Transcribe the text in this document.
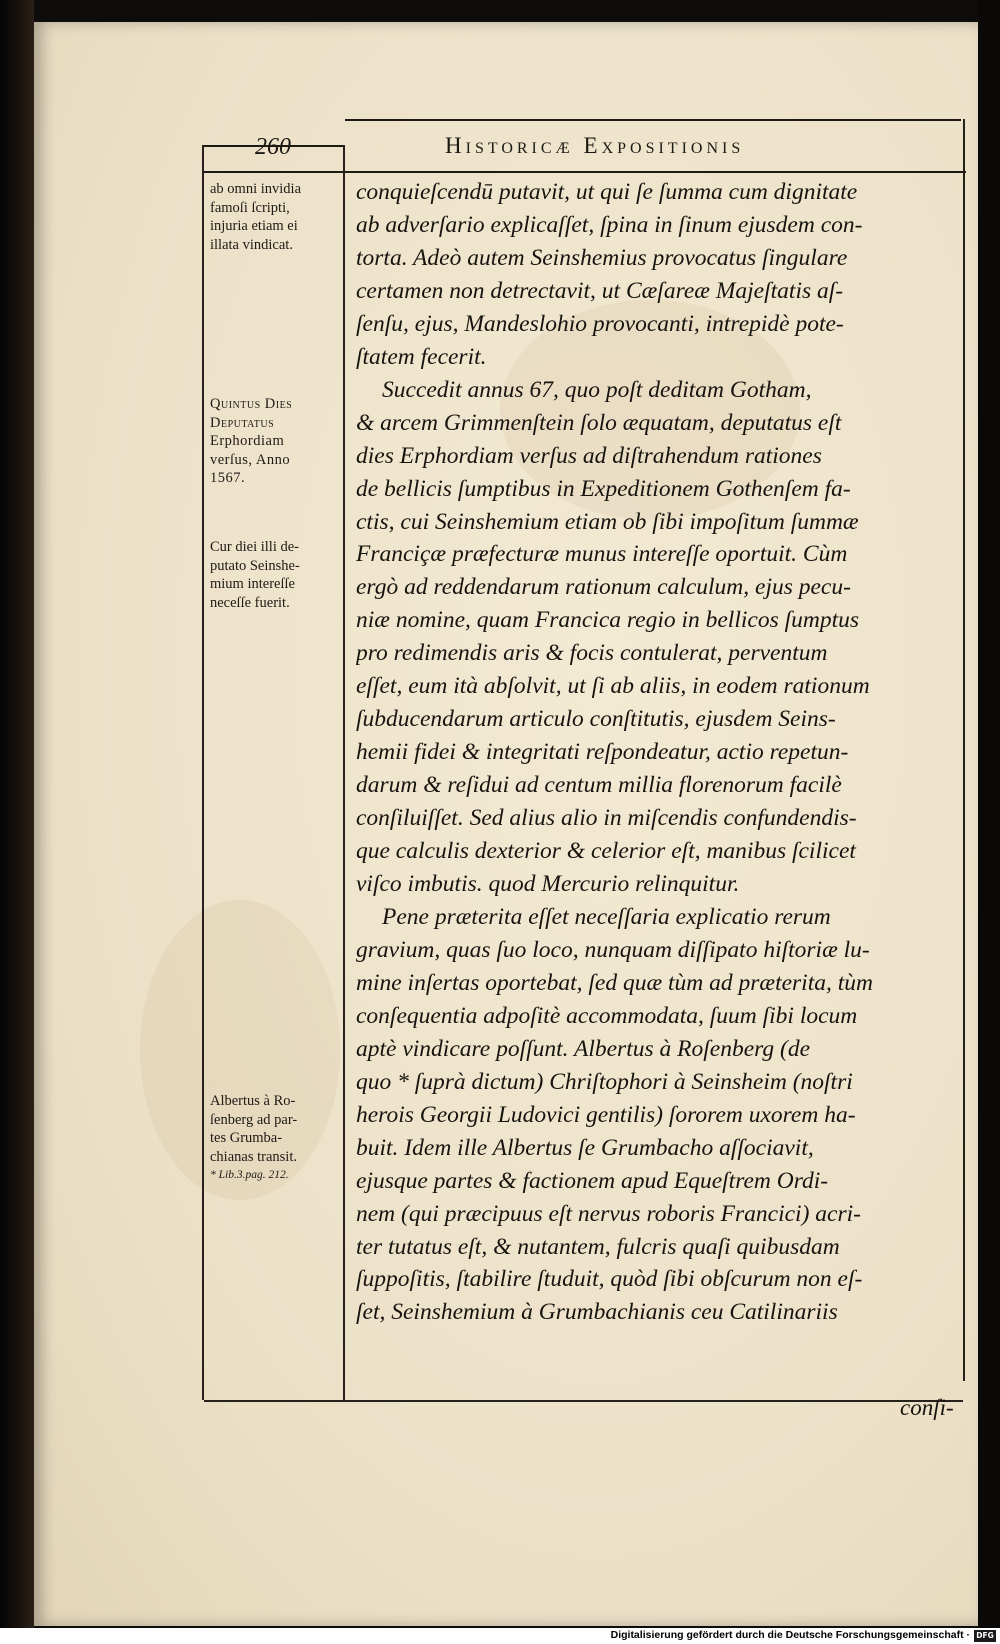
260	Historicæ Expositionis
ab omni invidia
famoſi ſcripti,
injuria etiam ei
illata vindicat.
Quintus Dies
Deputatus
Erphordiam
verſus, Anno
1567.
Cur diei illi de-
putato Seinshe-
mium intereſſe
neceſſe fuerit.
Albertus à Ro-
ſenberg ad par-
tes Grumba-
chianas transit.
* Lib.3.pag. 212.
conquieſcendū putavit, ut qui ſe ſumma cum dignitate
ab adverſario explicaſſet, ſpina in ſinum ejusdem con-
torta. Adeò autem Seinshemius provocatus ſingulare
certamen non detrectavit, ut Cæſareæ Majeſtatis aſ-
ſenſu, ejus, Mandeslohio provocanti, intrepidè pote-
ſtatem fecerit.
Succedit annus 67, quo poſt deditam Gotham,
& arcem Grimmenſtein ſolo æquatam, deputatus eſt
dies Erphordiam verſus ad diſtrahendum rationes
de bellicis ſumptibus in Expeditionem Gothenſem fa-
ctis, cui Seinshemium etiam ob ſibi impoſitum ſummæ
Franciçæ præfecturæ munus intereſſe oportuit. Cùm
ergò ad reddendarum rationum calculum, ejus pecu-
niæ nomine, quam Francica regio in bellicos ſumptus
pro redimendis aris & focis contulerat, perventum
eſſet, eum ità abſolvit, ut ſi ab aliis, in eodem rationum
ſubducendarum articulo conſtitutis, ejusdem Seins-
hemii fidei & integritati reſpondeatur, actio repetun-
darum & reſidui ad centum millia florenorum facilè
conſiluiſſet. Sed alius alio in miſcendis confundendis-
que calculis dexterior & celerior eſt, manibus ſcilicet
viſco imbutis. quod Mercurio relinquitur.
Pene præterita eſſet neceſſaria explicatio rerum
gravium, quas ſuo loco, nunquam diſſipato hiſtoriæ lu-
mine inſertas oportebat, ſed quæ tùm ad præterita, tùm
conſequentia adpoſitè accommodata, ſuum ſibi locum
aptè vindicare poſſunt. Albertus à Roſenberg (de
quo * ſuprà dictum) Chriſtophori à Seinsheim (noſtri
herois Georgii Ludovici gentilis) ſororem uxorem ha-
buit. Idem ille Albertus ſe Grumbacho aſſociavit,
ejusque partes & factionem apud Equeſtrem Ordi-
nem (qui præcipuus eſt nervus roboris Francici) acri-
ter tutatus eſt, & nutantem, fulcris quaſi quibusdam
ſuppoſitis, ſtabilire ſtuduit, quòd ſibi obſcurum non eſ-
ſet, Seinshemium à Grumbachianis ceu Catilinariis
conſi-
Digitalisierung gefördert durch die Deutsche Forschungsgemeinschaft · DFG
